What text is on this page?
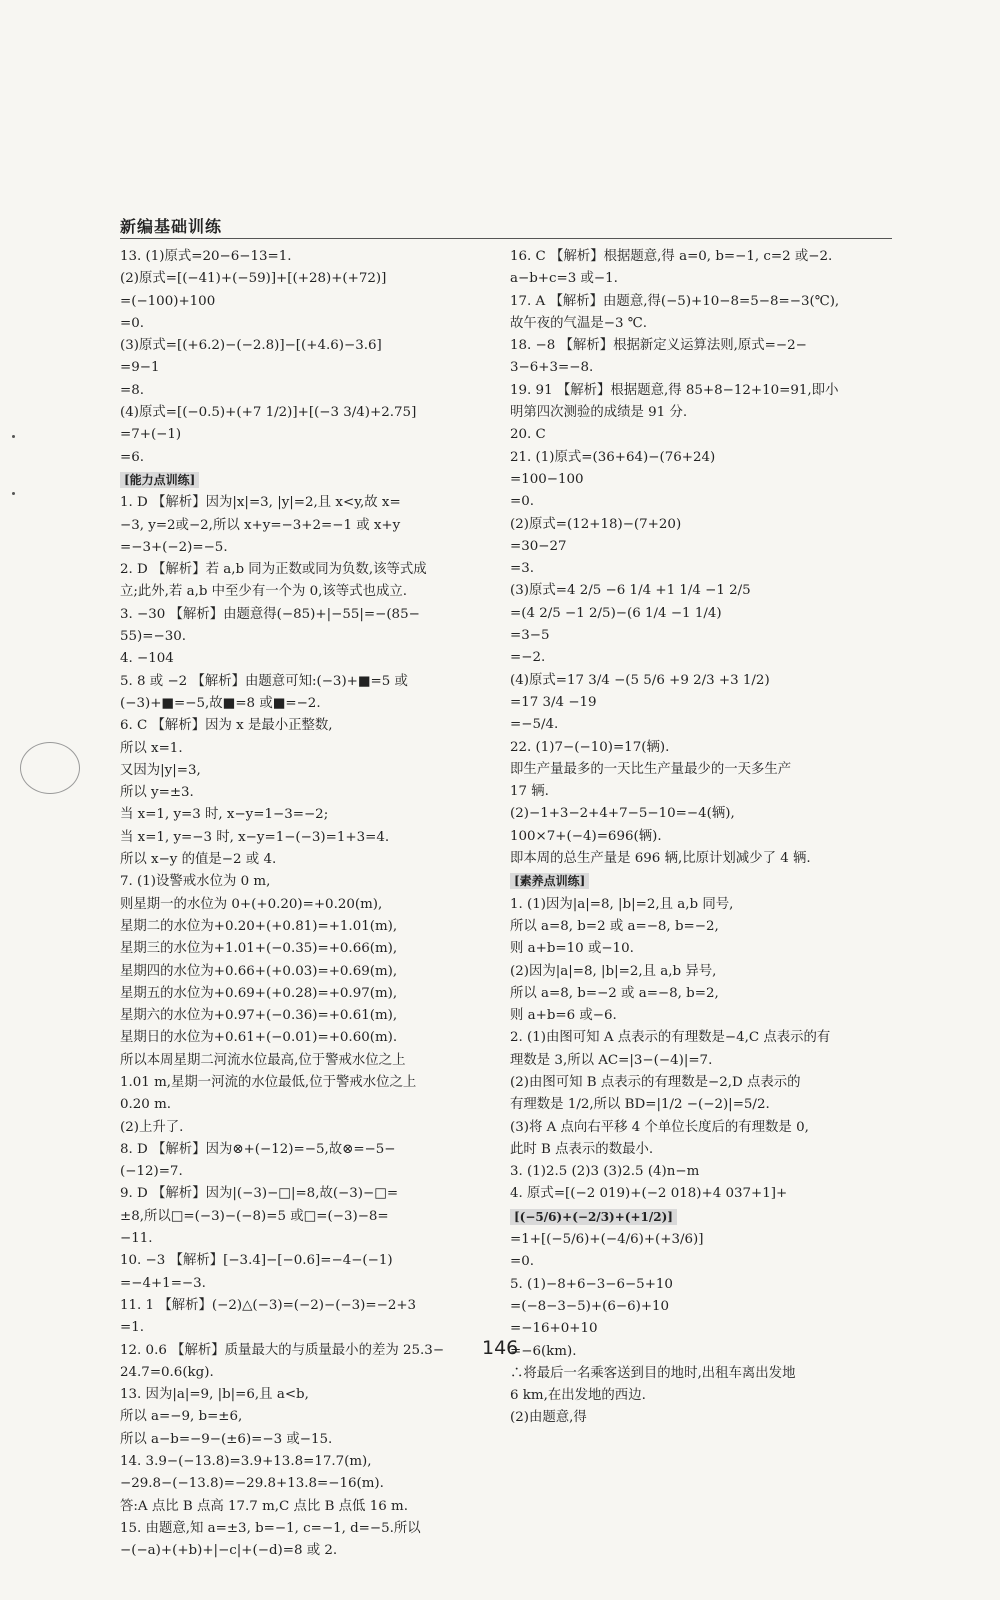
新编基础训练
13. (1)原式=20−6−13=1.
(2)原式=[(−41)+(−59)]+[(+28)+(+72)]
=(−100)+100
=0.
(3)原式=[(+6.2)−(−2.8)]−[(+4.6)−3.6]
=9−1
=8.
(4)原式=[(−0.5)+(+7 1/2)]+[(−3 3/4)+2.75]
=7+(−1)
=6.
[能力点训练]
1. D 【解析】因为|x|=3, |y|=2,且 x<y,故 x=
−3, y=2或−2,所以 x+y=−3+2=−1 或 x+y
=−3+(−2)=−5.
2. D 【解析】若 a,b 同为正数或同为负数,该等式成
立;此外,若 a,b 中至少有一个为 0,该等式也成立.
3. −30 【解析】由题意得(−85)+|−55|=−(85−
55)=−30.
4. −104
5. 8 或 −2 【解析】由题意可知:(−3)+■=5 或
(−3)+■=−5,故■=8 或■=−2.
6. C 【解析】因为 x 是最小正整数,
所以 x=1.
又因为|y|=3,
所以 y=±3.
当 x=1, y=3 时, x−y=1−3=−2;
当 x=1, y=−3 时, x−y=1−(−3)=1+3=4.
所以 x−y 的值是−2 或 4.
7. (1)设警戒水位为 0 m,
则星期一的水位为 0+(+0.20)=+0.20(m),
星期二的水位为+0.20+(+0.81)=+1.01(m),
星期三的水位为+1.01+(−0.35)=+0.66(m),
星期四的水位为+0.66+(+0.03)=+0.69(m),
星期五的水位为+0.69+(+0.28)=+0.97(m),
星期六的水位为+0.97+(−0.36)=+0.61(m),
星期日的水位为+0.61+(−0.01)=+0.60(m).
所以本周星期二河流水位最高,位于警戒水位之上
1.01 m,星期一河流的水位最低,位于警戒水位之上
0.20 m.
(2)上升了.
8. D 【解析】因为⊗+(−12)=−5,故⊗=−5−
(−12)=7.
9. D 【解析】因为|(−3)−□|=8,故(−3)−□=
±8,所以□=(−3)−(−8)=5 或□=(−3)−8=
−11.
10. −3 【解析】[−3.4]−[−0.6]=−4−(−1)
=−4+1=−3.
11. 1 【解析】(−2)△(−3)=(−2)−(−3)=−2+3
=1.
12. 0.6 【解析】质量最大的与质量最小的差为 25.3−
24.7=0.6(kg).
13. 因为|a|=9, |b|=6,且 a<b,
所以 a=−9, b=±6,
所以 a−b=−9−(±6)=−3 或−15.
14. 3.9−(−13.8)=3.9+13.8=17.7(m),
−29.8−(−13.8)=−29.8+13.8=−16(m).
答:A 点比 B 点高 17.7 m,C 点比 B 点低 16 m.
15. 由题意,知 a=±3, b=−1, c=−1, d=−5.所以
−(−a)+(+b)+|−c|+(−d)=8 或 2.
16. C 【解析】根据题意,得 a=0, b=−1, c=2 或−2.
a−b+c=3 或−1.
17. A 【解析】由题意,得(−5)+10−8=5−8=−3(℃),
故午夜的气温是−3 ℃.
18. −8 【解析】根据新定义运算法则,原式=−2−
3−6+3=−8.
19. 91 【解析】根据题意,得 85+8−12+10=91,即小
明第四次测验的成绩是 91 分.
20. C
21. (1)原式=(36+64)−(76+24)
=100−100
=0.
(2)原式=(12+18)−(7+20)
=30−27
=3.
(3)原式=4 2/5 −6 1/4 +1 1/4 −1 2/5
=(4 2/5 −1 2/5)−(6 1/4 −1 1/4)
=3−5
=−2.
(4)原式=17 3/4 −(5 5/6 +9 2/3 +3 1/2)
=17 3/4 −19
=−5/4.
22. (1)7−(−10)=17(辆).
即生产量最多的一天比生产量最少的一天多生产
17 辆.
(2)−1+3−2+4+7−5−10=−4(辆),
100×7+(−4)=696(辆).
即本周的总生产量是 696 辆,比原计划减少了 4 辆.
[素养点训练]
1. (1)因为|a|=8, |b|=2,且 a,b 同号,
所以 a=8, b=2 或 a=−8, b=−2,
则 a+b=10 或−10.
(2)因为|a|=8, |b|=2,且 a,b 异号,
所以 a=8, b=−2 或 a=−8, b=2,
则 a+b=6 或−6.
2. (1)由图可知 A 点表示的有理数是−4,C 点表示的有
理数是 3,所以 AC=|3−(−4)|=7.
(2)由图可知 B 点表示的有理数是−2,D 点表示的
有理数是 1/2,所以 BD=|1/2 −(−2)|=5/2.
(3)将 A 点向右平移 4 个单位长度后的有理数是 0,
此时 B 点表示的数最小.
3. (1)2.5 (2)3 (3)2.5 (4)n−m
4. 原式=[(−2 019)+(−2 018)+4 037+1]+
[(−5/6)+(−2/3)+(+1/2)]
=1+[(−5/6)+(−4/6)+(+3/6)]
=0.
5. (1)−8+6−3−6−5+10
=(−8−3−5)+(6−6)+10
=−16+0+10
=−6(km).
∴将最后一名乘客送到目的地时,出租车离出发地
6 km,在出发地的西边.
(2)由题意,得
146
